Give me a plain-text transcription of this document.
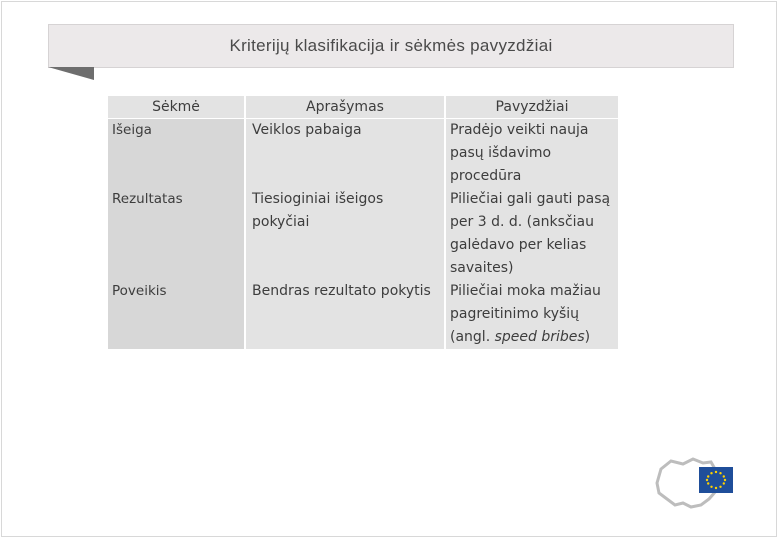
Kriterijų klasifikacija ir sėkmės pavyzdžiai
Sėkmė	Aprašymas	Pavyzdžiai
Išeiga	Veiklos pabaiga	Pradėjo veikti nauja pasų išdavimo procedūra
Rezultatas	Tiesioginiai išeigos pokyčiai	Piliečiai gali gauti pasą per 3 d. d. (anksčiau galėdavo per kelias savaites)
Poveikis	Bendras rezultato pokytis	Piliečiai moka mažiau pagreitinimo kyšių (angl. speed bribes)
